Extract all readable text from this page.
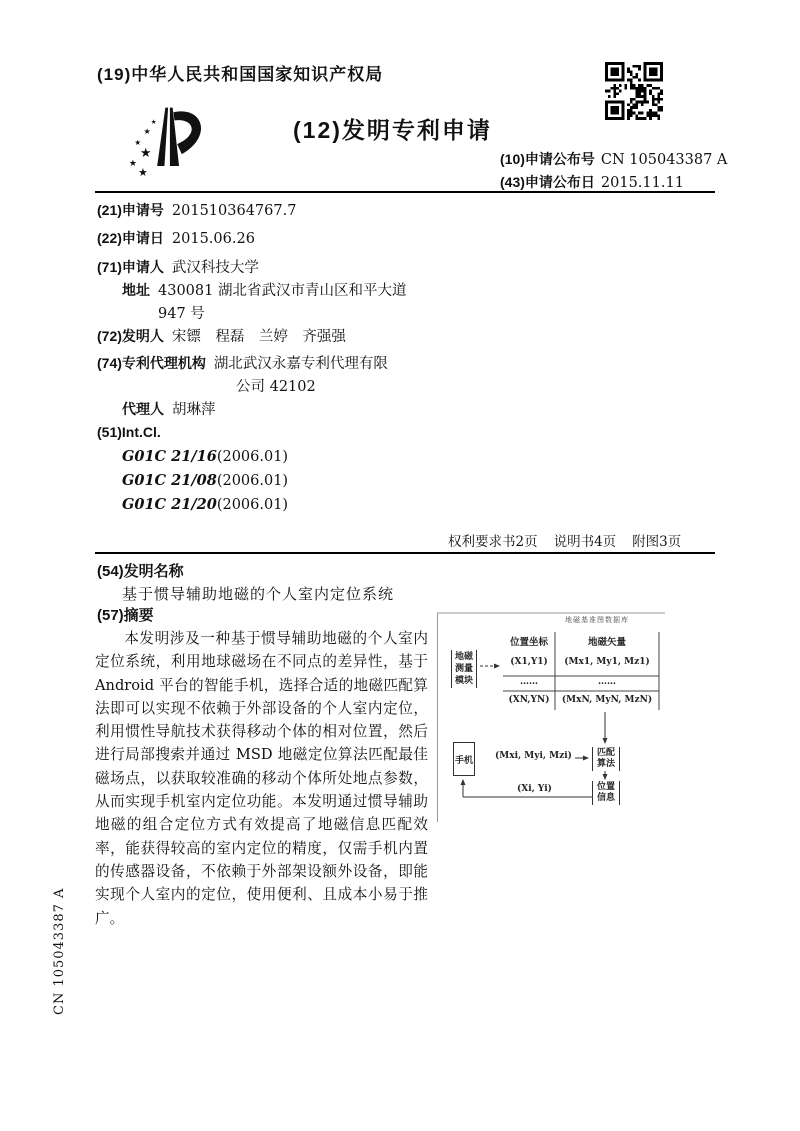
(19)中华人民共和国国家知识产权局
★
★
★
★
★
★
(12)发明专利申请
(10)申请公布号 CN 105043387 A
(43)申请公布日 2015.11.11
(21)申请号 201510364767.7
(22)申请日 2015.06.26
(71)申请人 武汉科技大学
地址 430081 湖北省武汉市青山区和平大道
947 号
(72)发明人 宋镖　程磊　兰婷　齐强强
(74)专利代理机构 湖北武汉永嘉专利代理有限
公司 42102
代理人 胡琳萍
(51)Int.Cl.
G01C 21/16(2006.01)
G01C 21/08(2006.01)
G01C 21/20(2006.01)
权利要求书2页 说明书4页 附图3页
(54)发明名称
基于惯导辅助地磁的个人室内定位系统
(57)摘要
本发明涉及一种基于惯导辅助地磁的个人室内定位系统，利用地球磁场在不同点的差异性，基于 Android 平台的智能手机，选择合适的地磁匹配算法即可以实现不依赖于外部设备的个人室内定位，利用惯性导航技术获得移动个体的相对位置，然后进行局部搜索并通过 MSD 地磁定位算法匹配最佳磁场点，以获取较准确的移动个体所处地点参数，从而实现手机室内定位功能。本发明通过惯导辅助地磁的组合定位方式有效提高了地磁信息匹配效率，能获得较高的室内定位的精度，仅需手机内置的传感器设备，不依赖于外部架设额外设备，即能实现个人室内的定位，使用便利、且成本小易于推广。
地磁基准图数据库
位置坐标	地磁矢量
(X1,Y1)	(Mx1, My1, Mz1)
……	……
(XN,YN)	(MxN, MyN, MzN)
地磁测量模块
手机
匹配算法
位置信息
(Mxi, Myi, Mzi)
(Xi, Yi)
CN 105043387 A
